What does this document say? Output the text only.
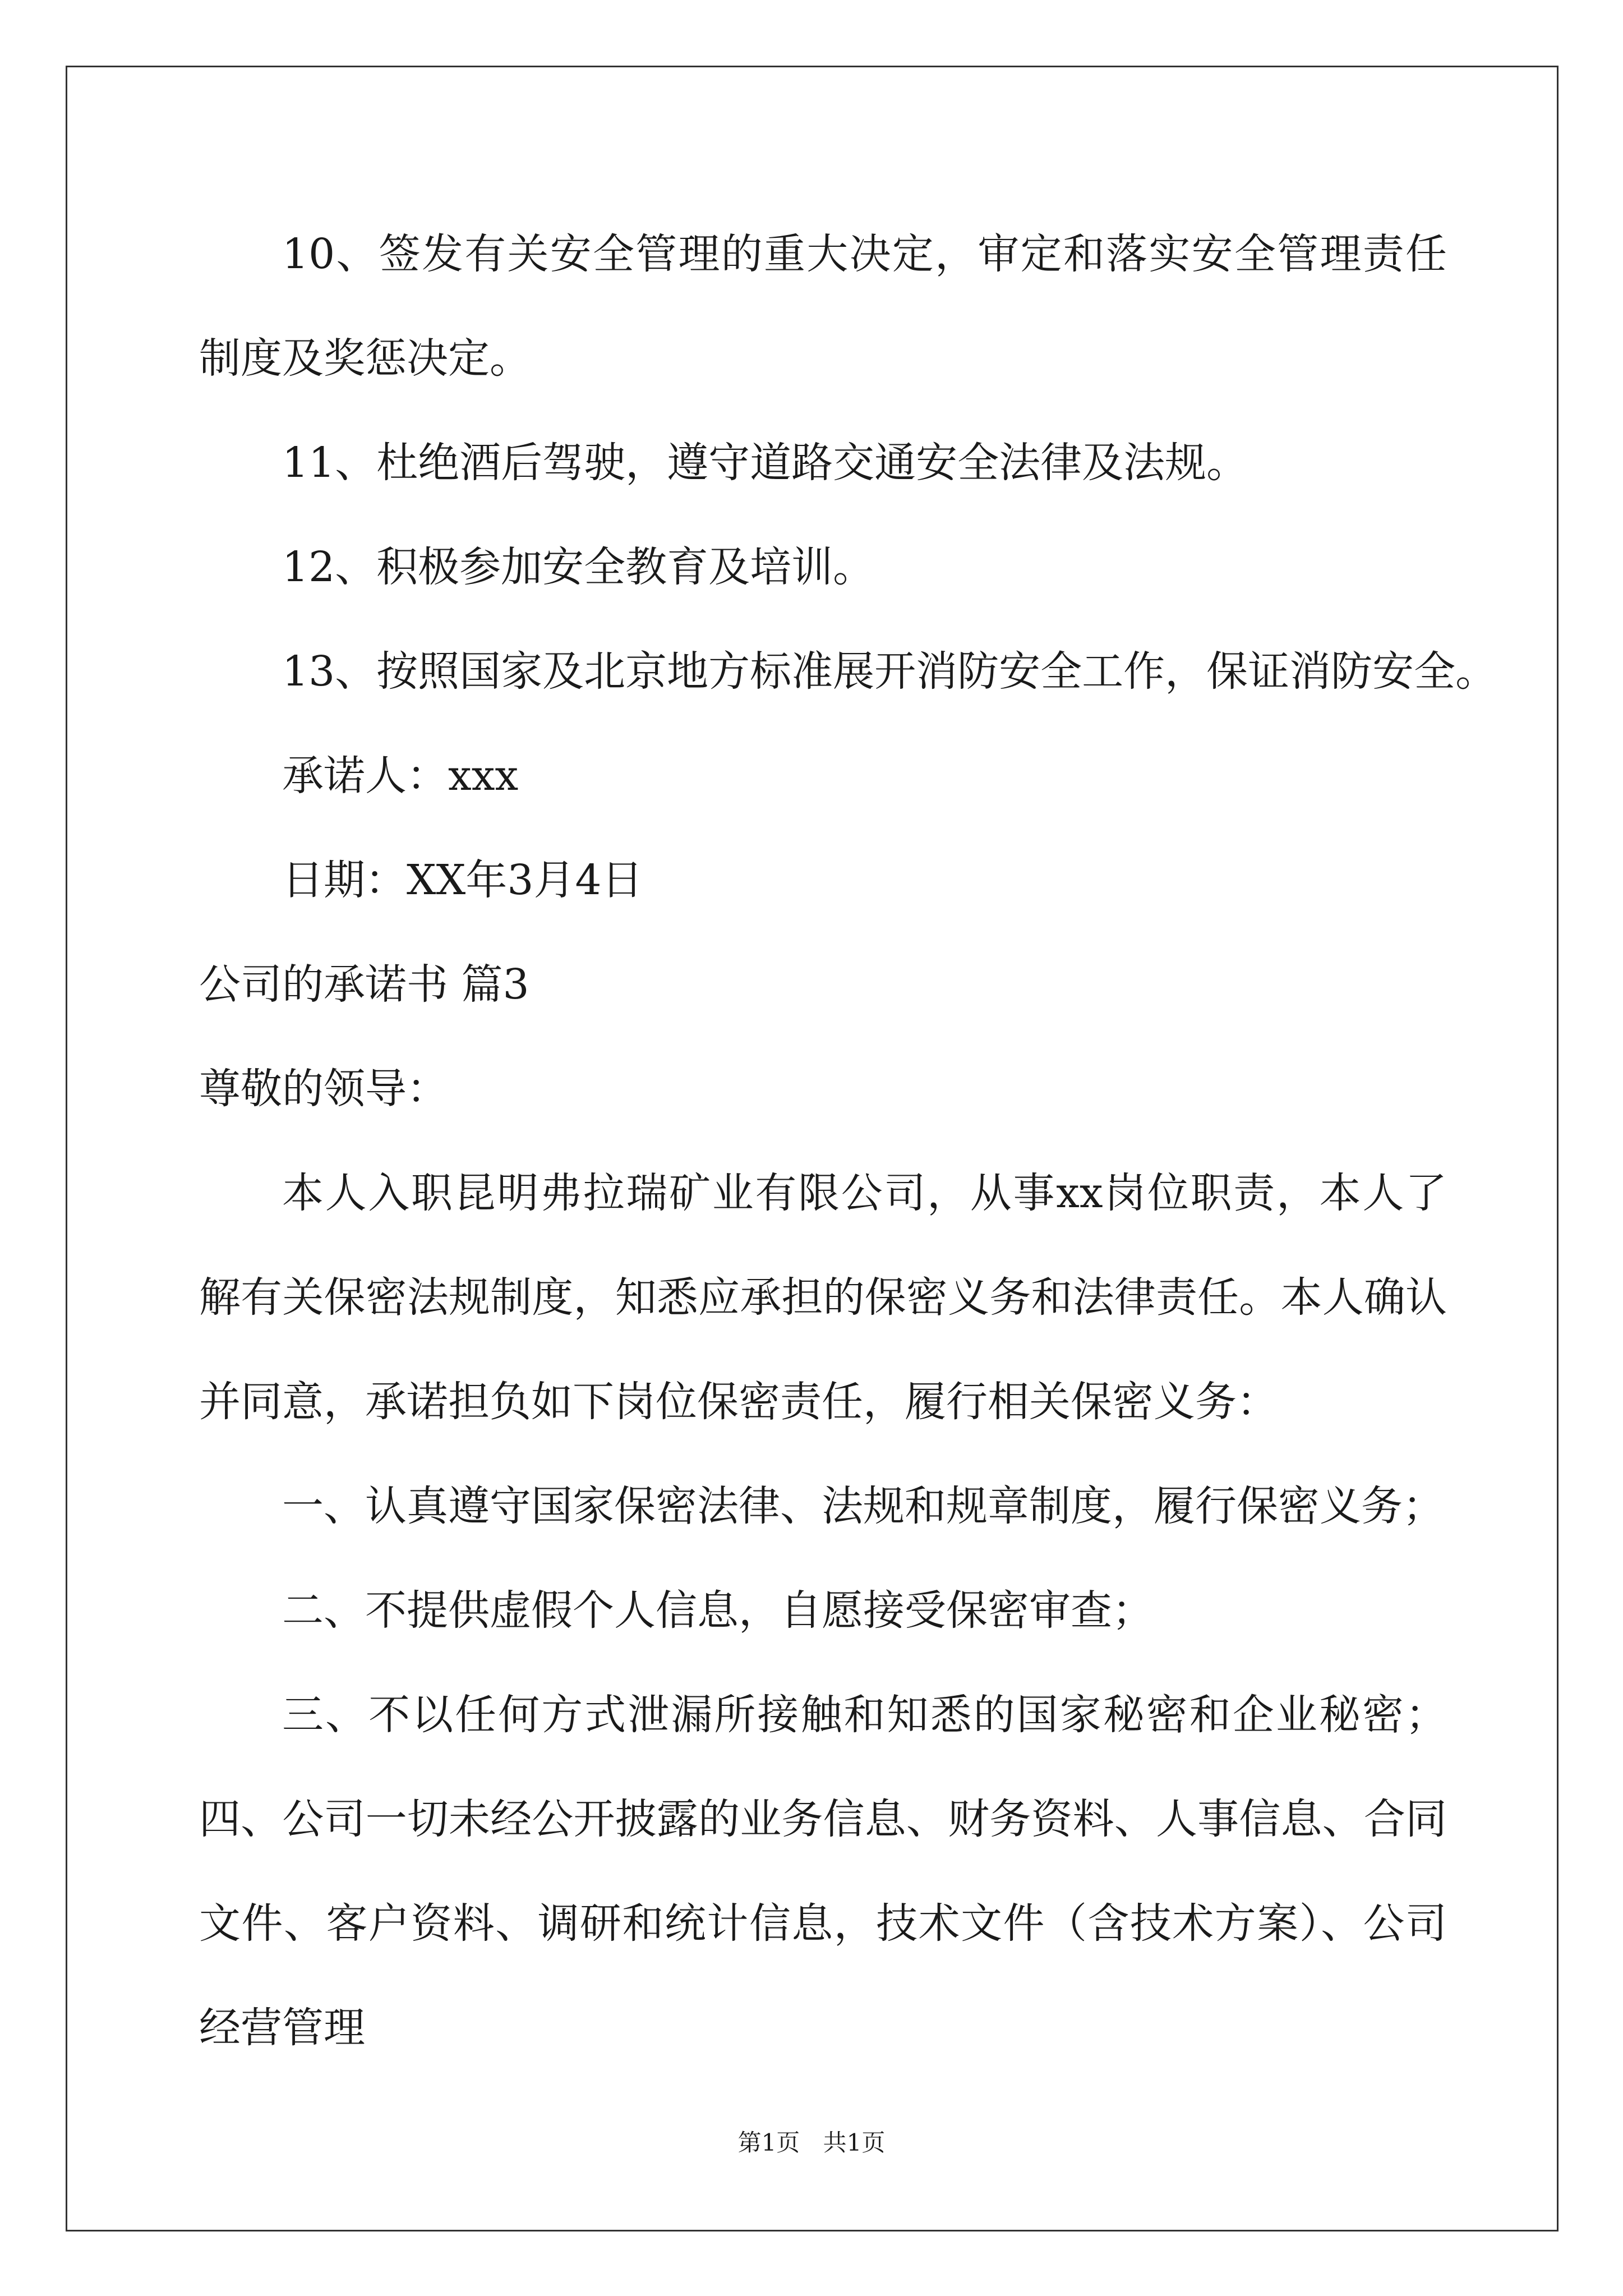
10、签发有关安全管理的重大决定，审定和落实安全管理责任制度及奖惩决定。

11、杜绝酒后驾驶，遵守道路交通安全法律及法规。

12、积极参加安全教育及培训。

13、按照国家及北京地方标准展开消防安全工作，保证消防安全。

承诺人：xxx

日期：XX年3月4日

公司的承诺书 篇3

尊敬的领导：

本人入职昆明弗拉瑞矿业有限公司，从事xx岗位职责，本人了解有关保密法规制度，知悉应承担的保密义务和法律责任。本人确认并同意，承诺担负如下岗位保密责任，履行相关保密义务：

一、认真遵守国家保密法律、法规和规章制度，履行保密义务；

二、不提供虚假个人信息，自愿接受保密审查；

三、不以任何方式泄漏所接触和知悉的国家秘密和企业秘密；四、公司一切未经公开披露的业务信息、财务资料、人事信息、合同文件、客户资料、调研和统计信息，技术文件（含技术方案）、公司经营管理

第1页 共1页
